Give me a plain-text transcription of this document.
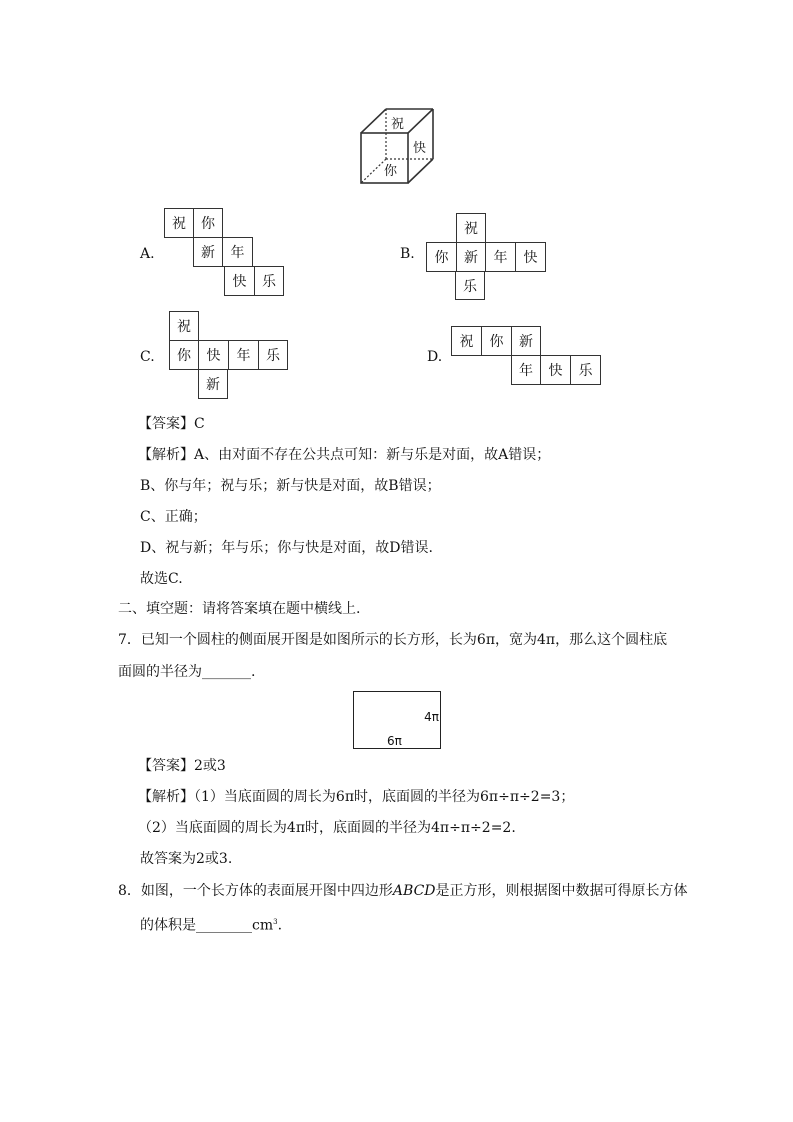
祝
快
你
A.
祝	你
新	年
快	乐
B.
祝
你	新	年	快
乐
C.
祝
你	快	年	乐
新
D.
祝	你	新
年	快	乐
【答案】C
【解析】A、由对面不存在公共点可知：新与乐是对面，故A错误；
B、你与年；祝与乐；新与快是对面，故B错误；
C、正确；
D、祝与新；年与乐；你与快是对面，故D错误.
故选C.
二、填空题：请将答案填在题中横线上.
7．已知一个圆柱的侧面展开图是如图所示的长方形，长为6π，宽为4π，那么这个圆柱底
面圆的半径为_______.
4π
6π
【答案】2或3
【解析】（1）当底面圆的周长为6π时，底面圆的半径为6π÷π÷2=3；
（2）当底面圆的周长为4π时，底面圆的半径为4π÷π÷2=2.
故答案为2或3.
8．如图，一个长方体的表面展开图中四边形ABCD是正方形，则根据图中数据可得原长方体
的体积是$\_\_\_\_\_\_\_\_cm^3$.
